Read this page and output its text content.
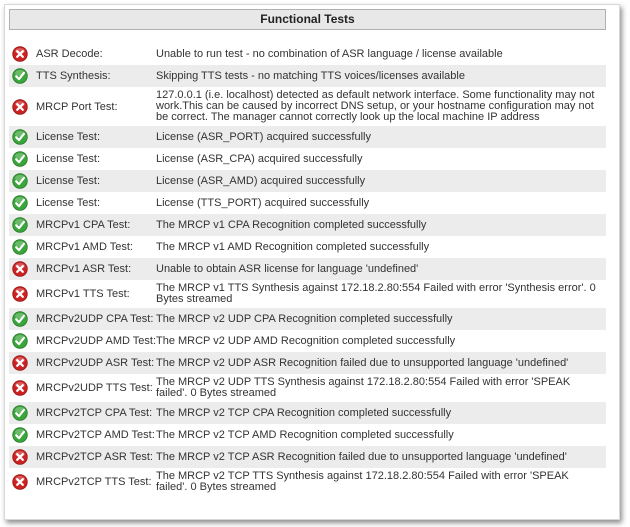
Functional Tests
ASR Decode:	Unable to run test - no combination of ASR language / license available
TTS Synthesis:	Skipping TTS tests - no matching TTS voices/licenses available
MRCP Port Test:
127.0.0.1 (i.e. localhost) detected as default network interface. Some functionality may not work.This can be caused by incorrect DNS setup, or your hostname configuration may not be correct. The manager cannot correctly look up the local machine IP address
License Test:	License (ASR_PORT) acquired successfully
License Test:	License (ASR_CPA) acquired successfully
License Test:	License (ASR_AMD) acquired successfully
License Test:	License (TTS_PORT) acquired successfully
MRCPv1 CPA Test: The MRCP v1 CPA Recognition completed successfully
MRCPv1 AMD Test: The MRCP v1 AMD Recognition completed successfully
MRCPv1 ASR Test: Unable to obtain ASR license for language 'undefined'
MRCPv1 TTS Test: The MRCP v1 TTS Synthesis against 172.18.2.80:554 Failed with error 'Synthesis error'. 0 Bytes streamed
MRCPv2UDP CPA Test: The MRCP v2 UDP CPA Recognition completed successfully
MRCPv2UDP AMD Test: The MRCP v2 UDP AMD Recognition completed successfully
MRCPv2UDP ASR Test: The MRCP v2 UDP ASR Recognition failed due to unsupported language 'undefined'
MRCPv2UDP TTS Test: The MRCP v2 UDP TTS Synthesis against 172.18.2.80:554 Failed with error 'SPEAK failed'. 0 Bytes streamed
MRCPv2TCP CPA Test: The MRCP v2 TCP CPA Recognition completed successfully
MRCPv2TCP AMD Test: The MRCP v2 TCP AMD Recognition completed successfully
MRCPv2TCP ASR Test: The MRCP v2 TCP ASR Recognition failed due to unsupported language 'undefined'
MRCPv2TCP TTS Test: The MRCP v2 TCP TTS Synthesis against 172.18.2.80:554 Failed with error 'SPEAK failed'. 0 Bytes streamed
